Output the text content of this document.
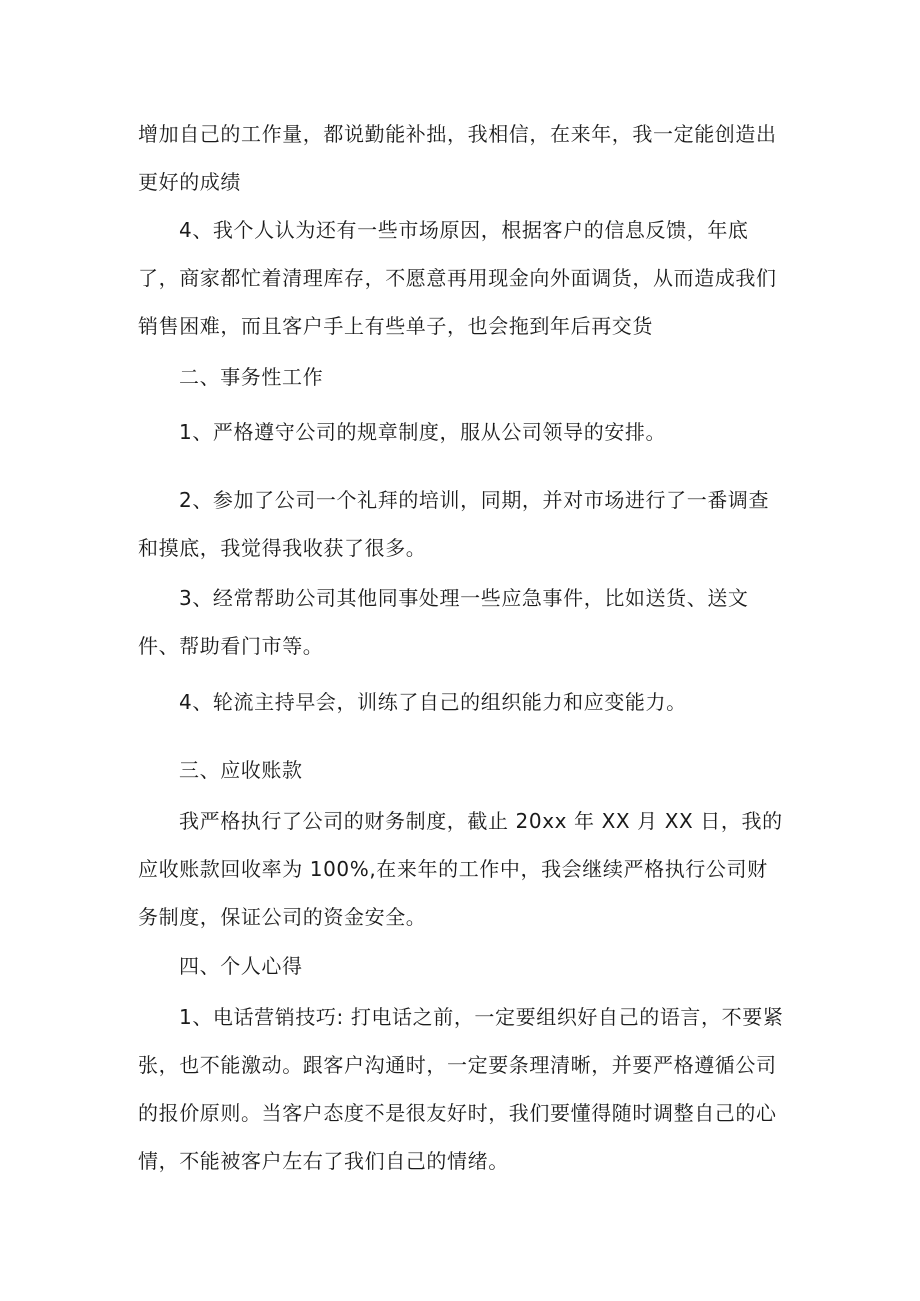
增加自己的工作量，都说勤能补拙，我相信，在来年，我一定能创造出更好的成绩

4、我个人认为还有一些市场原因，根据客户的信息反馈，年底了，商家都忙着清理库存，不愿意再用现金向外面调货，从而造成我们销售困难，而且客户手上有些单子，也会拖到年后再交货

二、事务性工作

1、严格遵守公司的规章制度，服从公司领导的安排。

2、参加了公司一个礼拜的培训，同期，并对市场进行了一番调查和摸底，我觉得我收获了很多。

3、经常帮助公司其他同事处理一些应急事件，比如送货、送文件、帮助看门市等。

4、轮流主持早会，训练了自己的组织能力和应变能力。

三、应收账款

我严格执行了公司的财务制度，截止 20xx 年 XX 月 XX 日，我的应收账款回收率为 100%,在来年的工作中，我会继续严格执行公司财务制度，保证公司的资金安全。

四、个人心得

1、电话营销技巧: 打电话之前，一定要组织好自己的语言，不要紧张，也不能激动。跟客户沟通时，一定要条理清晰，并要严格遵循公司的报价原则。当客户态度不是很友好时，我们要懂得随时调整自己的心情，不能被客户左右了我们自己的情绪。
